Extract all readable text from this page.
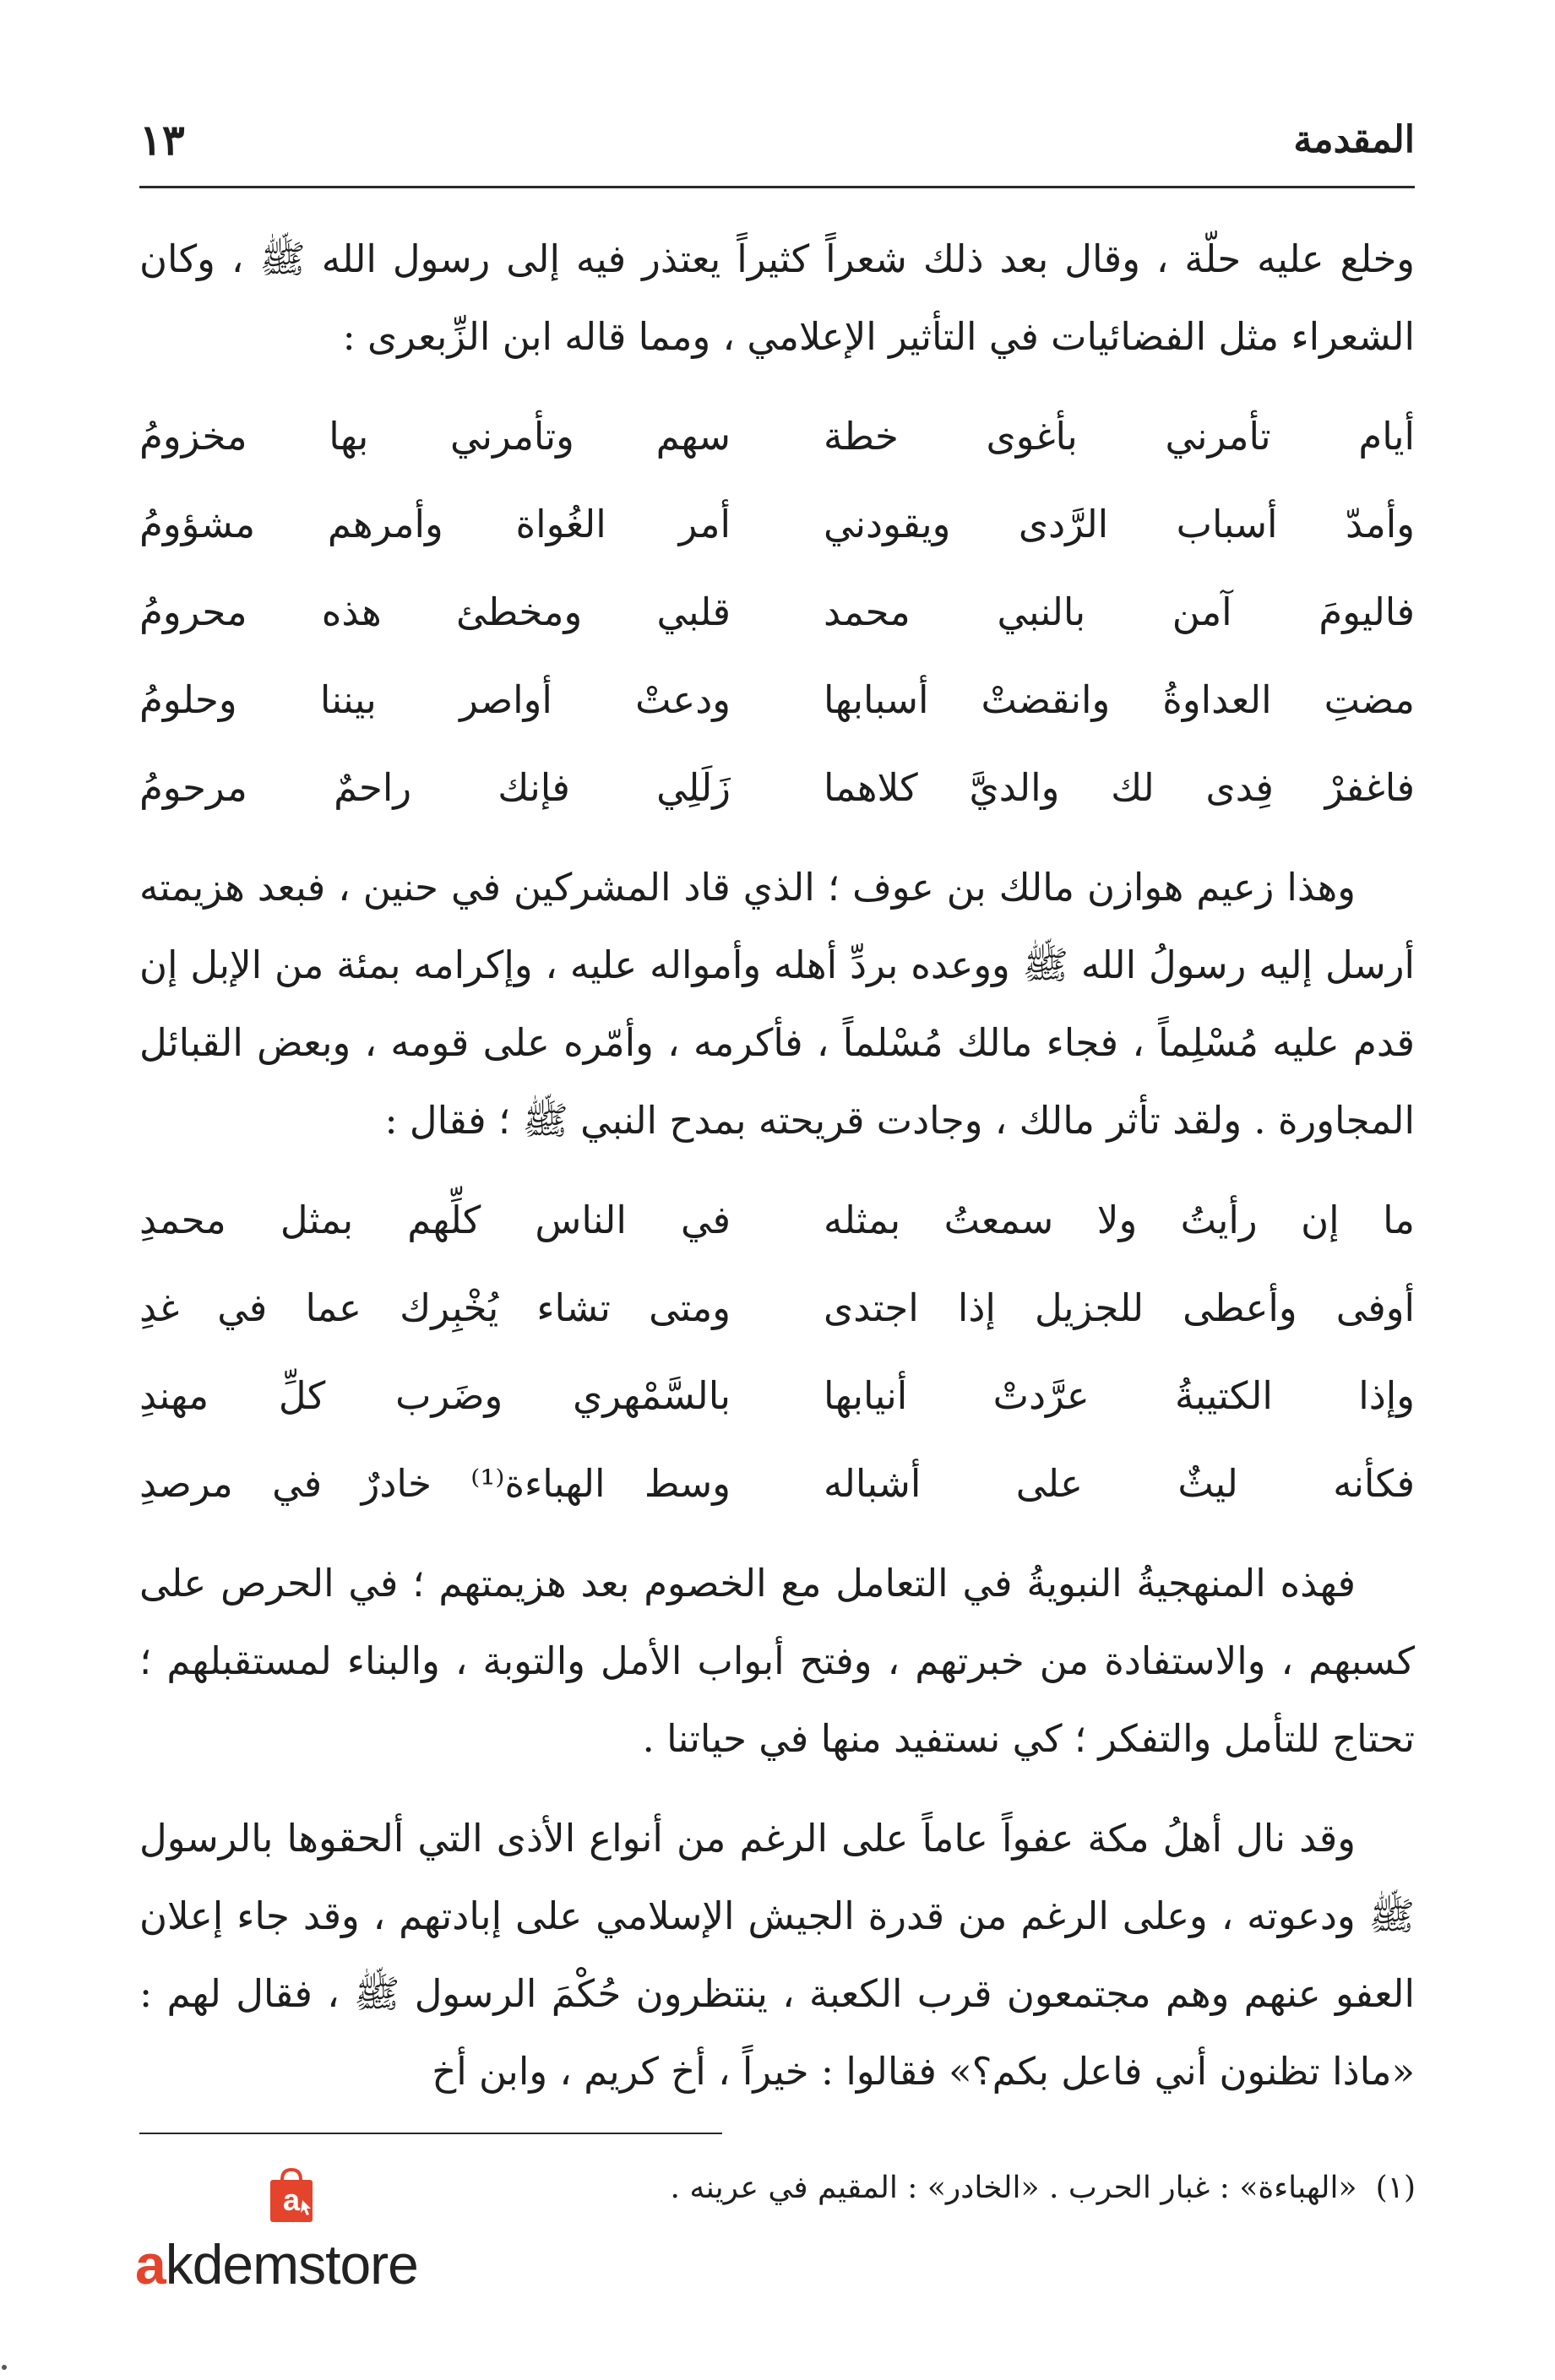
المقدمة
١٣

وخلع عليه حلّة ، وقال بعد ذلك شعراً كثيراً يعتذر فيه إلى رسول الله ﷺ ، وكان الشعراء مثل الفضائيات في التأثير الإعلامي ، ومما قاله ابن الزِّبعرى :

أيام تأمرني بأغوى خطة
سهم وتأمرني بها مخزومُ
وأمدّ أسباب الرَّدى ويقودني
أمر الغُواة وأمرهم مشؤومُ
فاليومَ آمن بالنبي محمد
قلبي ومخطئ هذه محرومُ
مضتِ العداوةُ وانقضتْ أسبابها
ودعتْ أواصر بيننا وحلومُ
فاغفرْ فِدى لك والديَّ كلاهما
زَلَلِي فإنك راحمٌ مرحومُ

وهذا زعيم هوازن مالك بن عوف ؛ الذي قاد المشركين في حنين ، فبعد هزيمته أرسل إليه رسولُ الله ﷺ ووعده بردِّ أهله وأمواله عليه ، وإكرامه بمئة من الإبل إن قدم عليه مُسْلِماً ، فجاء مالك مُسْلماً ، فأكرمه ، وأمّره على قومه ، وبعض القبائل المجاورة . ولقد تأثر مالك ، وجادت قريحته بمدح النبي ﷺ ؛ فقال :

ما إن رأيتُ ولا سمعتُ بمثله
في الناس كلِّهم بمثل محمدِ
أوفى وأعطى للجزيل إذا اجتدى
ومتى تشاء يُخْبِرك عما في غدِ
وإذا الكتيبةُ عرَّدتْ أنيابها
بالسَّمْهري وضَرب كلِّ مهندِ
فكأنه ليثٌ على أشباله
وسط الهباءة⁽¹⁾ خادرٌ في مرصدِ

فهذه المنهجيةُ النبويةُ في التعامل مع الخصوم بعد هزيمتهم ؛ في الحرص على كسبهم ، والاستفادة من خبرتهم ، وفتح أبواب الأمل والتوبة ، والبناء لمستقبلهم ؛ تحتاج للتأمل والتفكر ؛ كي نستفيد منها في حياتنا .

وقد نال أهلُ مكة عفواً عاماً على الرغم من أنواع الأذى التي ألحقوها بالرسول ﷺ ودعوته ، وعلى الرغم من قدرة الجيش الإسلامي على إبادتهم ، وقد جاء إعلان العفو عنهم وهم مجتمعون قرب الكعبة ، ينتظرون حُكْمَ الرسول ﷺ ، فقال لهم : «ماذا تظنون أني فاعل بكم؟» فقالوا : خيراً ، أخ كريم ، وابن أخ

(١)«الهباءة» : غبار الحرب . «الخادر» : المقيم في عرينه .
a
akdemstore
